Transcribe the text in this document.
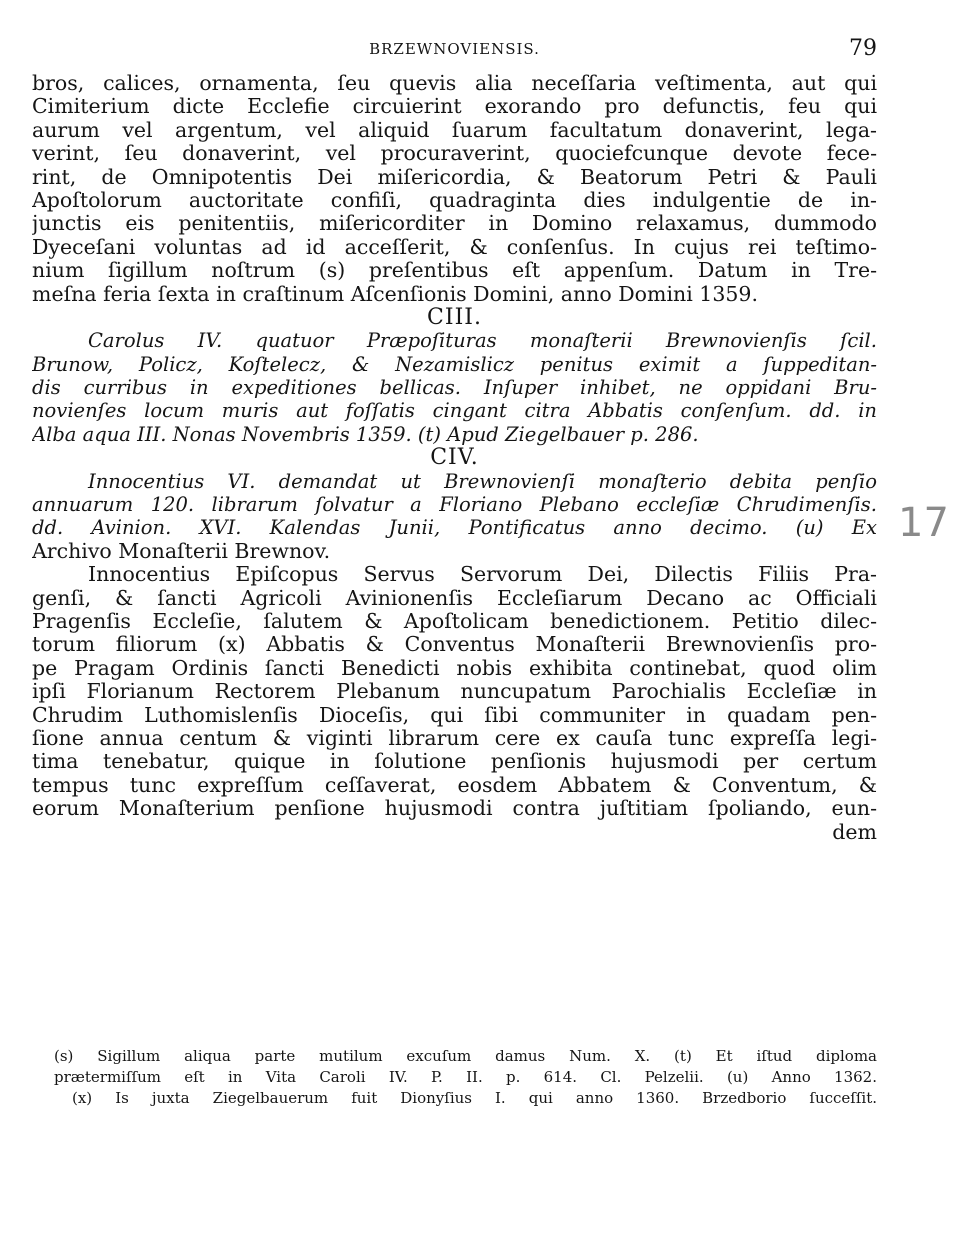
BRZEWNOVIENSIS.	79
bros, calices, ornamenta, ſeu quevis alia neceſſaria veſtimenta, aut qui
Cimiterium dicte Ecclefie circuierint exorando pro defunctis, feu qui
aurum vel argentum, vel aliquid ſuarum facultatum donaverint, lega-
verint, ſeu donaverint, vel procuraverint, quociefcunque devote fece-
rint, de Omnipotentis Dei miſericordia, & Beatorum Petri & Pauli
Apoſtolorum auctoritate confiſi, quadraginta dies indulgentie de in-
junctis eis penitentiis, miſericorditer in Domino relaxamus, dummodo
Dyeceſani voluntas ad id acceſſerit, & conſenſus. In cujus rei teſtimo-
nium ſigillum noſtrum (s) preſentibus eſt appenſum. Datum in Tre-
meſna feria ſexta in craſtinum Aſcenſionis Domini, anno Domini 1359.
CIII.
Carolus IV. quatuor Præpoſituras monaſterii Brewnovienſis ſcil.
Brunow, Policz, Koſtelecz, & Nezamislicz penitus eximit a ſuppeditan-
dis curribus in expeditiones bellicas. Inſuper inhibet, ne oppidani Bru-
novienſes locum muris aut foſſatis cingant citra Abbatis conſenſum. dd. in
Alba aqua III. Nonas Novembris 1359. (t) Apud Ziegelbauer p. 286.
CIV.
Innocentius VI. demandat ut Brewnovienſi monaſterio debita penſio
annuarum 120. librarum ſolvatur a Floriano Plebano eccleſiæ Chrudimenſis.
dd. Avinion. XVI. Kalendas Junii, Pontificatus anno decimo. (u) Ex
Archivo Monaſterii Brewnov.
Innocentius Epiſcopus Servus Servorum Dei, Dilectis Filiis Pra-
genſi, & ſancti Agricoli Avinionenſis Eccleſiarum Decano ac Officiali
Pragenſis Eccleſie, ſalutem & Apoſtolicam benedictionem. Petitio dilec-
torum filiorum (x) Abbatis & Conventus Monaſterii Brewnovienſis pro-
pe Pragam Ordinis ſancti Benedicti nobis exhibita continebat, quod olim
ipſi Florianum Rectorem Plebanum nuncupatum Parochialis Eccleſiæ in
Chrudim Luthomislenſis Dioceſis, qui ſibi communiter in quadam pen-
ſione annua centum & viginti librarum cere ex cauſa tunc expreſſa legi-
tima tenebatur, quique in ſolutione penſionis hujusmodi per certum
tempus tunc expreſſum ceſſaverat, eosdem Abbatem & Conventum, &
eorum Monaſterium penſione hujusmodi contra juſtitiam ſpoliando, eun-
dem
(s) Sigillum aliqua parte mutilum excuſum damus Num. X. (t) Et iſtud diploma
prætermiſſum eſt in Vita Caroli IV. P. II. p. 614. Cl. Pelzelii. (u) Anno 1362.
(x) Is juxta Ziegelbauerum fuit Dionyſius I. qui anno 1360. Brzedborio ſucceſſit.
17
